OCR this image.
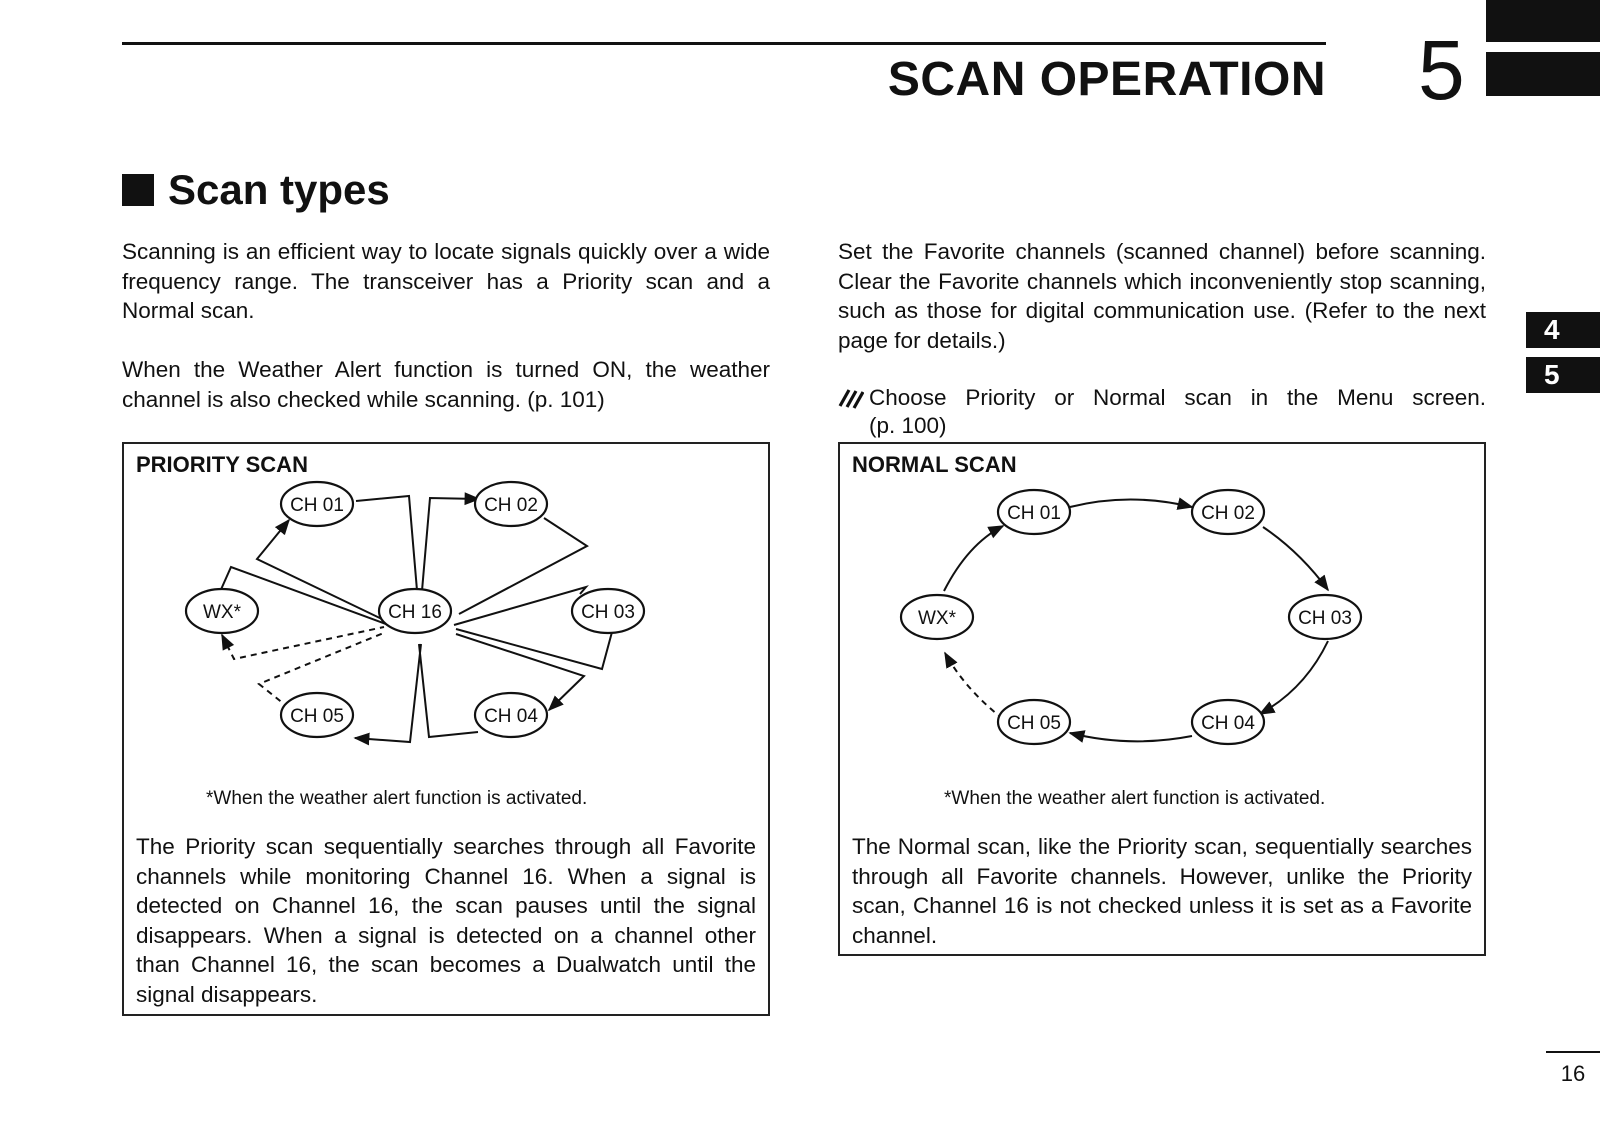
SCAN OPERATION 5
4
5
Scan types
Scanning is an efficient way to locate signals quickly over a wide frequency range. The transceiver has a Priority scan and a Normal scan.
When the Weather Alert function is turned ON, the weather channel is also checked while scanning. (p. 101)
Set the Favorite channels (scanned channel) before scanning. Clear the Favorite channels which inconveniently stop scanning, such as those for digital communication use. (Refer to the next page for details.)
Choose Priority or Normal scan in the Menu screen.
(p. 100)
PRIORITY SCAN
CH 01	CH 02
CH 03
CH 04
CH 05
CH 16
WX*
*When the weather alert function is activated.
The Priority scan sequentially searches through all Favorite channels while monitoring Channel 16. When a signal is detected on Channel 16, the scan pauses until the signal disappears. When a signal is detected on a channel other than Channel 16, the scan becomes a Dualwatch until the signal disappears.
NORMAL SCAN
CH 01	CH 02
CH 03
CH 04
CH 05
WX*
*When the weather alert function is activated.
The Normal scan, like the Priority scan, sequentially searches through all Favorite channels. However, unlike the Priority scan, Channel 16 is not checked unless it is set as a Favorite channel.
16
